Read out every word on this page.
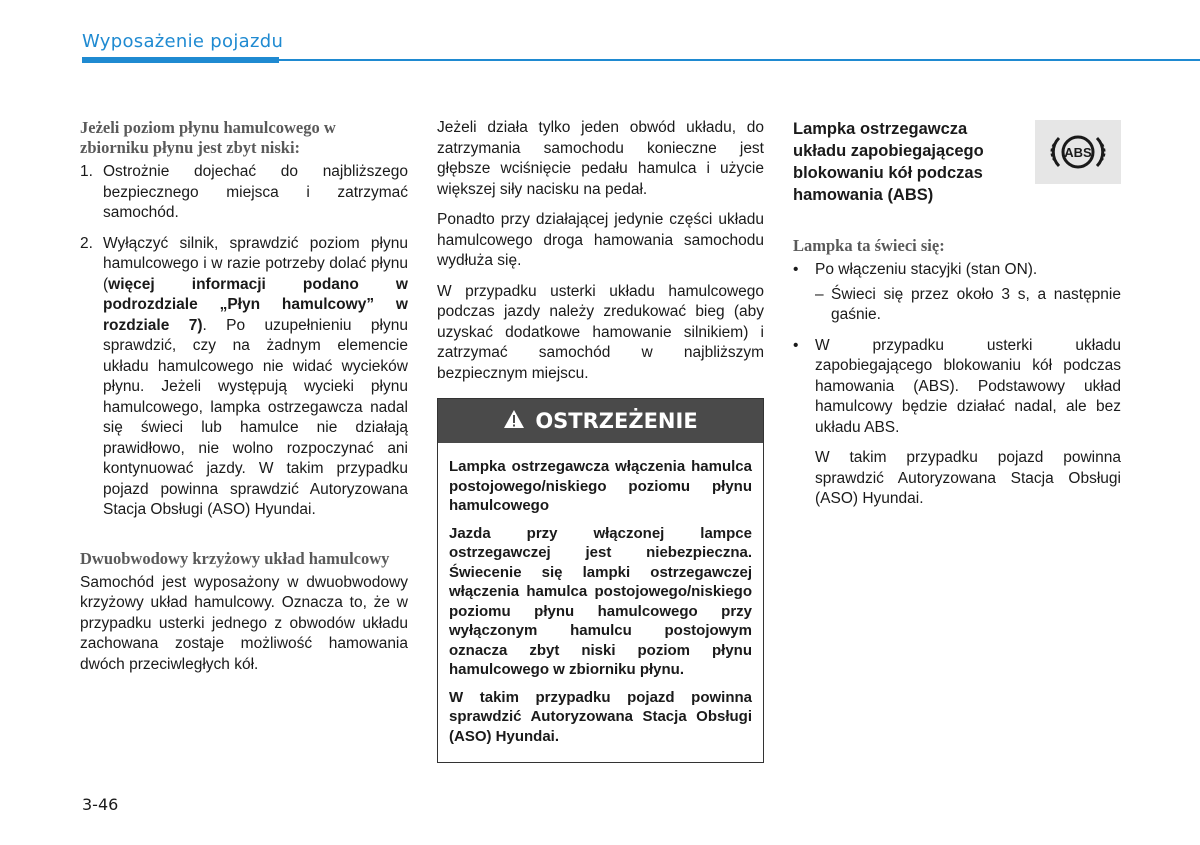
Wyposażenie pojazdu
Jeżeli poziom płynu hamulcowego w zbiorniku płynu jest zbyt niski:
1. Ostrożnie dojechać do najbliższego bezpiecznego miejsca i zatrzymać samochód.
2. Wyłączyć silnik, sprawdzić poziom płynu hamulcowego i w razie potrzeby dolać płynu (więcej informacji podano w podrozdziale „Płyn hamulcowy” w rozdziale 7). Po uzupełnieniu płynu sprawdzić, czy na żadnym elemencie układu hamulcowego nie widać wycieków płynu. Jeżeli występują wycieki płynu hamulcowego, lampka ostrzegawcza nadal się świeci lub hamulce nie działają prawidłowo, nie wolno rozpoczynać ani kontynuować jazdy. W takim przypadku pojazd powinna sprawdzić Autoryzowana Stacja Obsługi (ASO) Hyundai.
Dwuobwodowy krzyżowy układ hamulcowy

Samochód jest wyposażony w dwuobwodowy krzyżowy układ hamulcowy. Oznacza to, że w przypadku usterki jednego z obwodów układu zachowana zostaje możliwość hamowania dwóch przeciwległych kół.

Jeżeli działa tylko jeden obwód układu, do zatrzymania samochodu konieczne jest głębsze wciśnięcie pedału hamulca i użycie większej siły nacisku na pedał.

Ponadto przy działającej jedynie części układu hamulcowego droga hamowania samochodu wydłuża się.

W przypadku usterki układu hamulcowego podczas jazdy należy zredukować bieg (aby uzyskać dodatkowe hamowanie silnikiem) i zatrzymać samochód w najbliższym bezpiecznym miejscu.

OSTRZEŻENIE

Lampka ostrzegawcza włączenia hamulca postojowego/niskiego poziomu płynu hamulcowego

Jazda przy włączonej lampce ostrzegawczej jest niebezpieczna. Świecenie się lampki ostrzegawczej włączenia hamulca postojowego/niskiego poziomu płynu hamulcowego przy wyłączonym hamulcu postojowym oznacza zbyt niski poziom płynu hamulcowego w zbiorniku płynu.

W takim przypadku pojazd powinna sprawdzić Autoryzowana Stacja Obsługi (ASO) Hyundai.

Lampka ostrzegawcza układu zapobiegającego blokowaniu kół podczas hamowania (ABS)
ABS
Lampka ta świeci się:
• Po włączeniu stacyjki (stan ON).
– Świeci się przez około 3 s, a następnie gaśnie.
• W przypadku usterki układu zapobiegającego blokowaniu kół podczas hamowania (ABS). Podstawowy układ hamulcowy będzie działać nadal, ale bez układu ABS.
W takim przypadku pojazd powinna sprawdzić Autoryzowana Stacja Obsługi (ASO) Hyundai.
3-46
